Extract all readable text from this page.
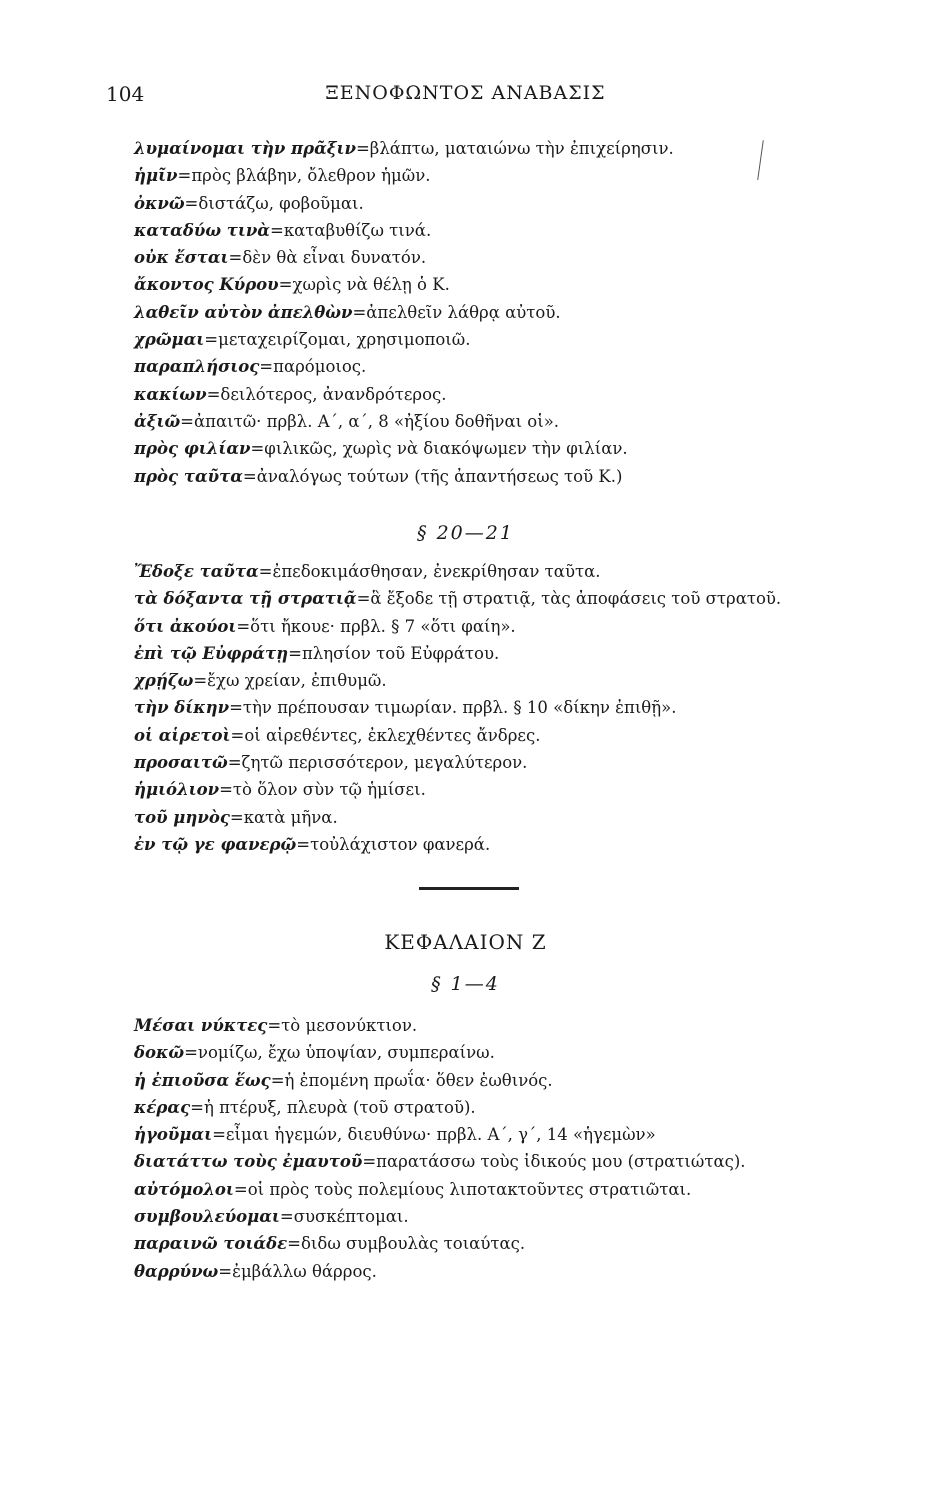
104	ΞΕΝΟΦΩΝΤΟΣ ΑΝΑΒΑΣΙΣ
λυμαίνομαι τὴν πρᾶξιν=βλάπτω, ματαιώνω τὴν ἐπιχείρησιν.
ἡμῖν=πρὸς βλάβην, ὄλεθρον ἡμῶν.
ὀκνῶ=διστάζω, φοβοῦμαι.
καταδύω τινὰ=καταβυθίζω τινά.
οὐκ ἔσται=δὲν θὰ εἶναι δυνατόν.
ἄκοντος Κύρου=χωρὶς νὰ θέλῃ ὁ Κ.
λαθεῖν αὐτὸν ἀπελθὼν=ἀπελθεῖν λάθρᾳ αὐτοῦ.
χρῶμαι=μεταχειρίζομαι, χρησιμοποιῶ.
παραπλήσιος=παρόμοιος.
κακίων=δειλότερος, ἀνανδρότερος.
ἀξιῶ=ἀπαιτῶ· πρβλ. Α΄, α΄, 8 «ἠξίου δοθῆναι οἱ».
πρὸς φιλίαν=φιλικῶς, χωρὶς νὰ διακόψωμεν τὴν φιλίαν.
πρὸς ταῦτα=ἀναλόγως τούτων (τῆς ἀπαντήσεως τοῦ Κ.)
§ 20—21
Ἔδοξε ταῦτα=ἐπεδοκιμάσθησαν, ἐνεκρίθησαν ταῦτα.
τὰ δόξαντα τῇ στρατιᾷ=ἃ ἔξοδε τῇ στρατιᾷ, τὰς ἀποφάσεις τοῦ στρατοῦ.
ὅτι ἀκούοι=ὅτι ἤκουε· πρβλ. § 7 «ὅτι φαίη».
ἐπὶ τῷ Εὐφράτῃ=πλησίον τοῦ Εὐφράτου.
χρῄζω=ἔχω χρείαν, ἐπιθυμῶ.
τὴν δίκην=τὴν πρέπουσαν τιμωρίαν. πρβλ. § 10 «δίκην ἐπιθῇ».
οἱ αἱρετοὶ=οἱ αἱρεθέντες, ἐκλεχθέντες ἄνδρες.
προσαιτῶ=ζητῶ περισσότερον, μεγαλύτερον.
ἡμιόλιον=τὸ ὅλον σὺν τῷ ἡμίσει.
τοῦ μηνὸς=κατὰ μῆνα.
ἐν τῷ γε φανερῷ=τοὐλάχιστον φανερά.
ΚΕΦΑΛΑΙΟΝ Ζ
§ 1—4
Μέσαι νύκτες=τὸ μεσονύκτιον.
δοκῶ=νομίζω, ἔχω ὑποψίαν, συμπεραίνω.
ἡ ἐπιοῦσα ἕως=ἡ ἐπομένη πρωΐα· ὅθεν ἑωθινός.
κέρας=ἡ πτέρυξ, πλευρὰ (τοῦ στρατοῦ).
ἡγοῦμαι=εἶμαι ἡγεμών, διευθύνω· πρβλ. Α΄, γ΄, 14 «ἡγεμὼν»
διατάττω τοὺς ἐμαυτοῦ=παρατάσσω τοὺς ἰδικούς μου (στρατιώτας).
αὐτόμολοι=οἱ πρὸς τοὺς πολεμίους λιποτακτοῦντες στρατιῶται.
συμβουλεύομαι=συσκέπτομαι.
παραινῶ τοιάδε=διδω συμβουλὰς τοιαύτας.
θαρρύνω=ἐμβάλλω θάρρος.
